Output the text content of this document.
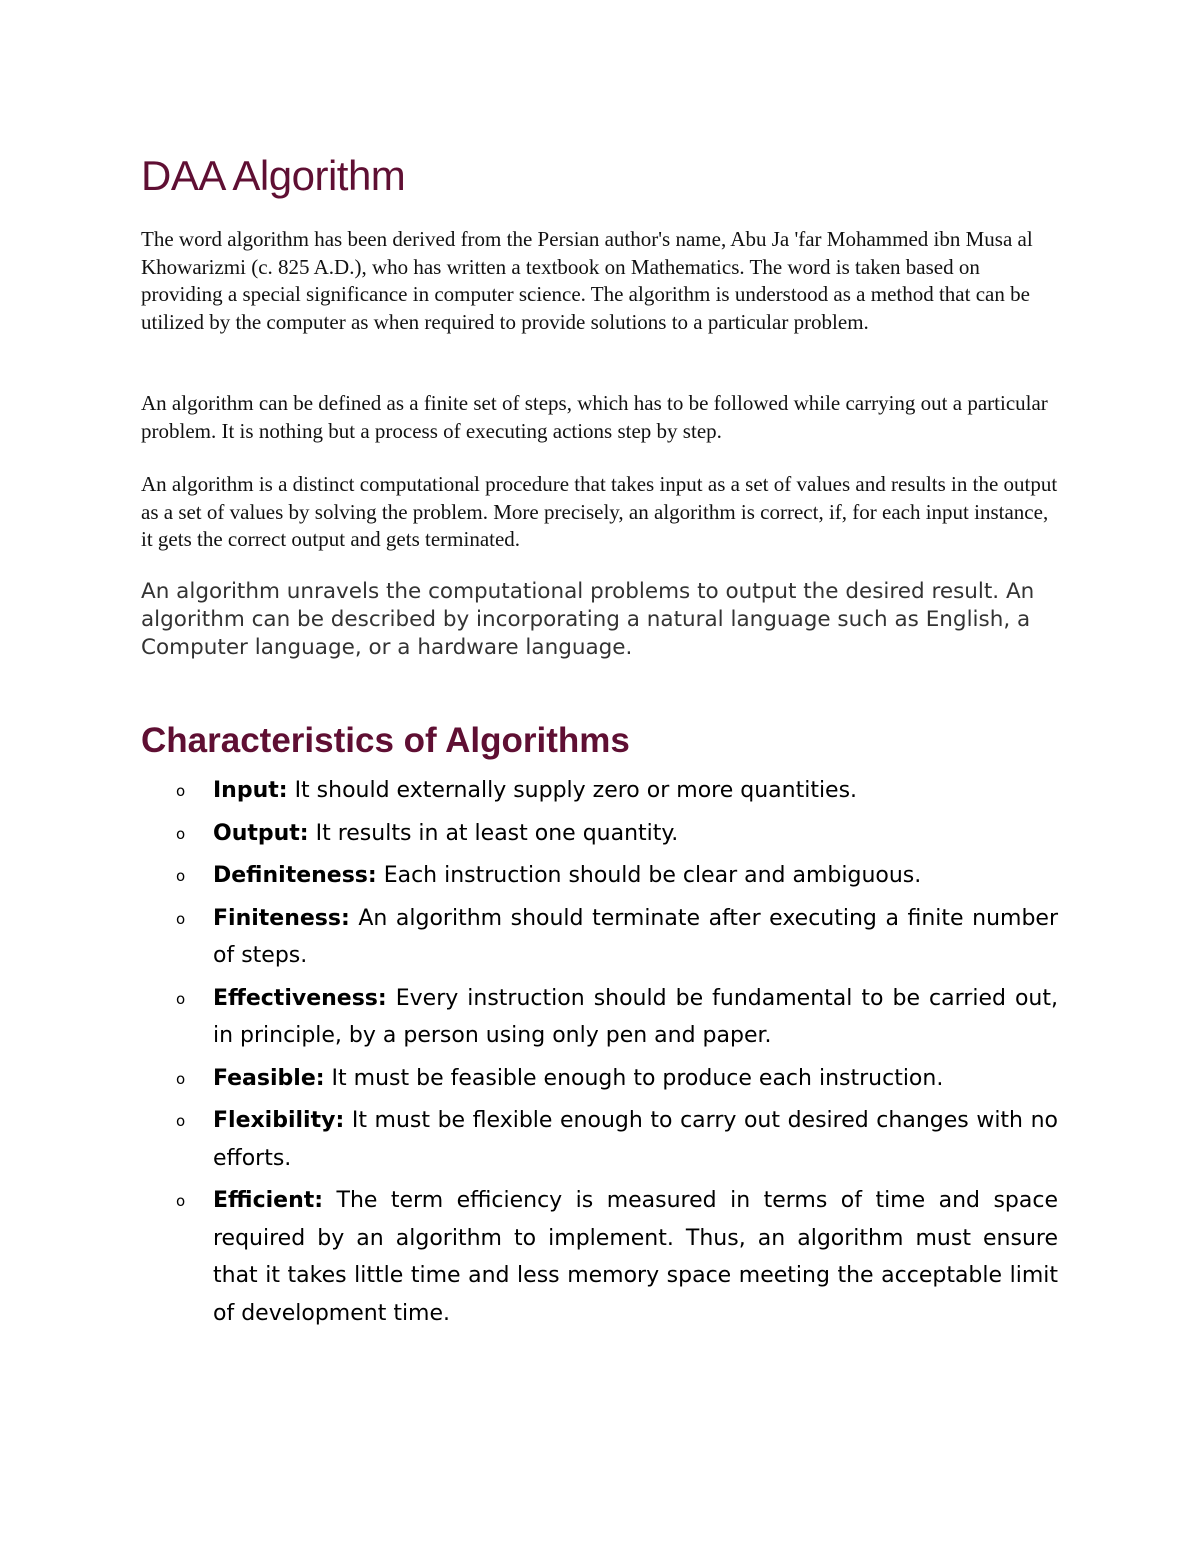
DAA Algorithm

The word algorithm has been derived from the Persian author's name, Abu Ja 'far Mohammed ibn Musa al Khowarizmi (c. 825 A.D.), who has written a textbook on Mathematics. The word is taken based on providing a special significance in computer science. The algorithm is understood as a method that can be utilized by the computer as when required to provide solutions to a particular problem.

An algorithm can be defined as a finite set of steps, which has to be followed while carrying out a particular problem. It is nothing but a process of executing actions step by step.

An algorithm is a distinct computational procedure that takes input as a set of values and results in the output as a set of values by solving the problem. More precisely, an algorithm is correct, if, for each input instance, it gets the correct output and gets terminated.

An algorithm unravels the computational problems to output the desired result. An algorithm can be described by incorporating a natural language such as English, a Computer language, or a hardware language.

Characteristics of Algorithms
o Input: It should externally supply zero or more quantities.

o Output: It results in at least one quantity.

o Definiteness: Each instruction should be clear and ambiguous.

o Finiteness: An algorithm should terminate after executing a finite number of steps.

o Effectiveness: Every instruction should be fundamental to be carried out, in principle, by a person using only pen and paper.

o Feasible: It must be feasible enough to produce each instruction.

o Flexibility: It must be flexible enough to carry out desired changes with no efforts.

o Efficient: The term efficiency is measured in terms of time and space required by an algorithm to implement. Thus, an algorithm must ensure that it takes little time and less memory space meeting the acceptable limit of development time.
